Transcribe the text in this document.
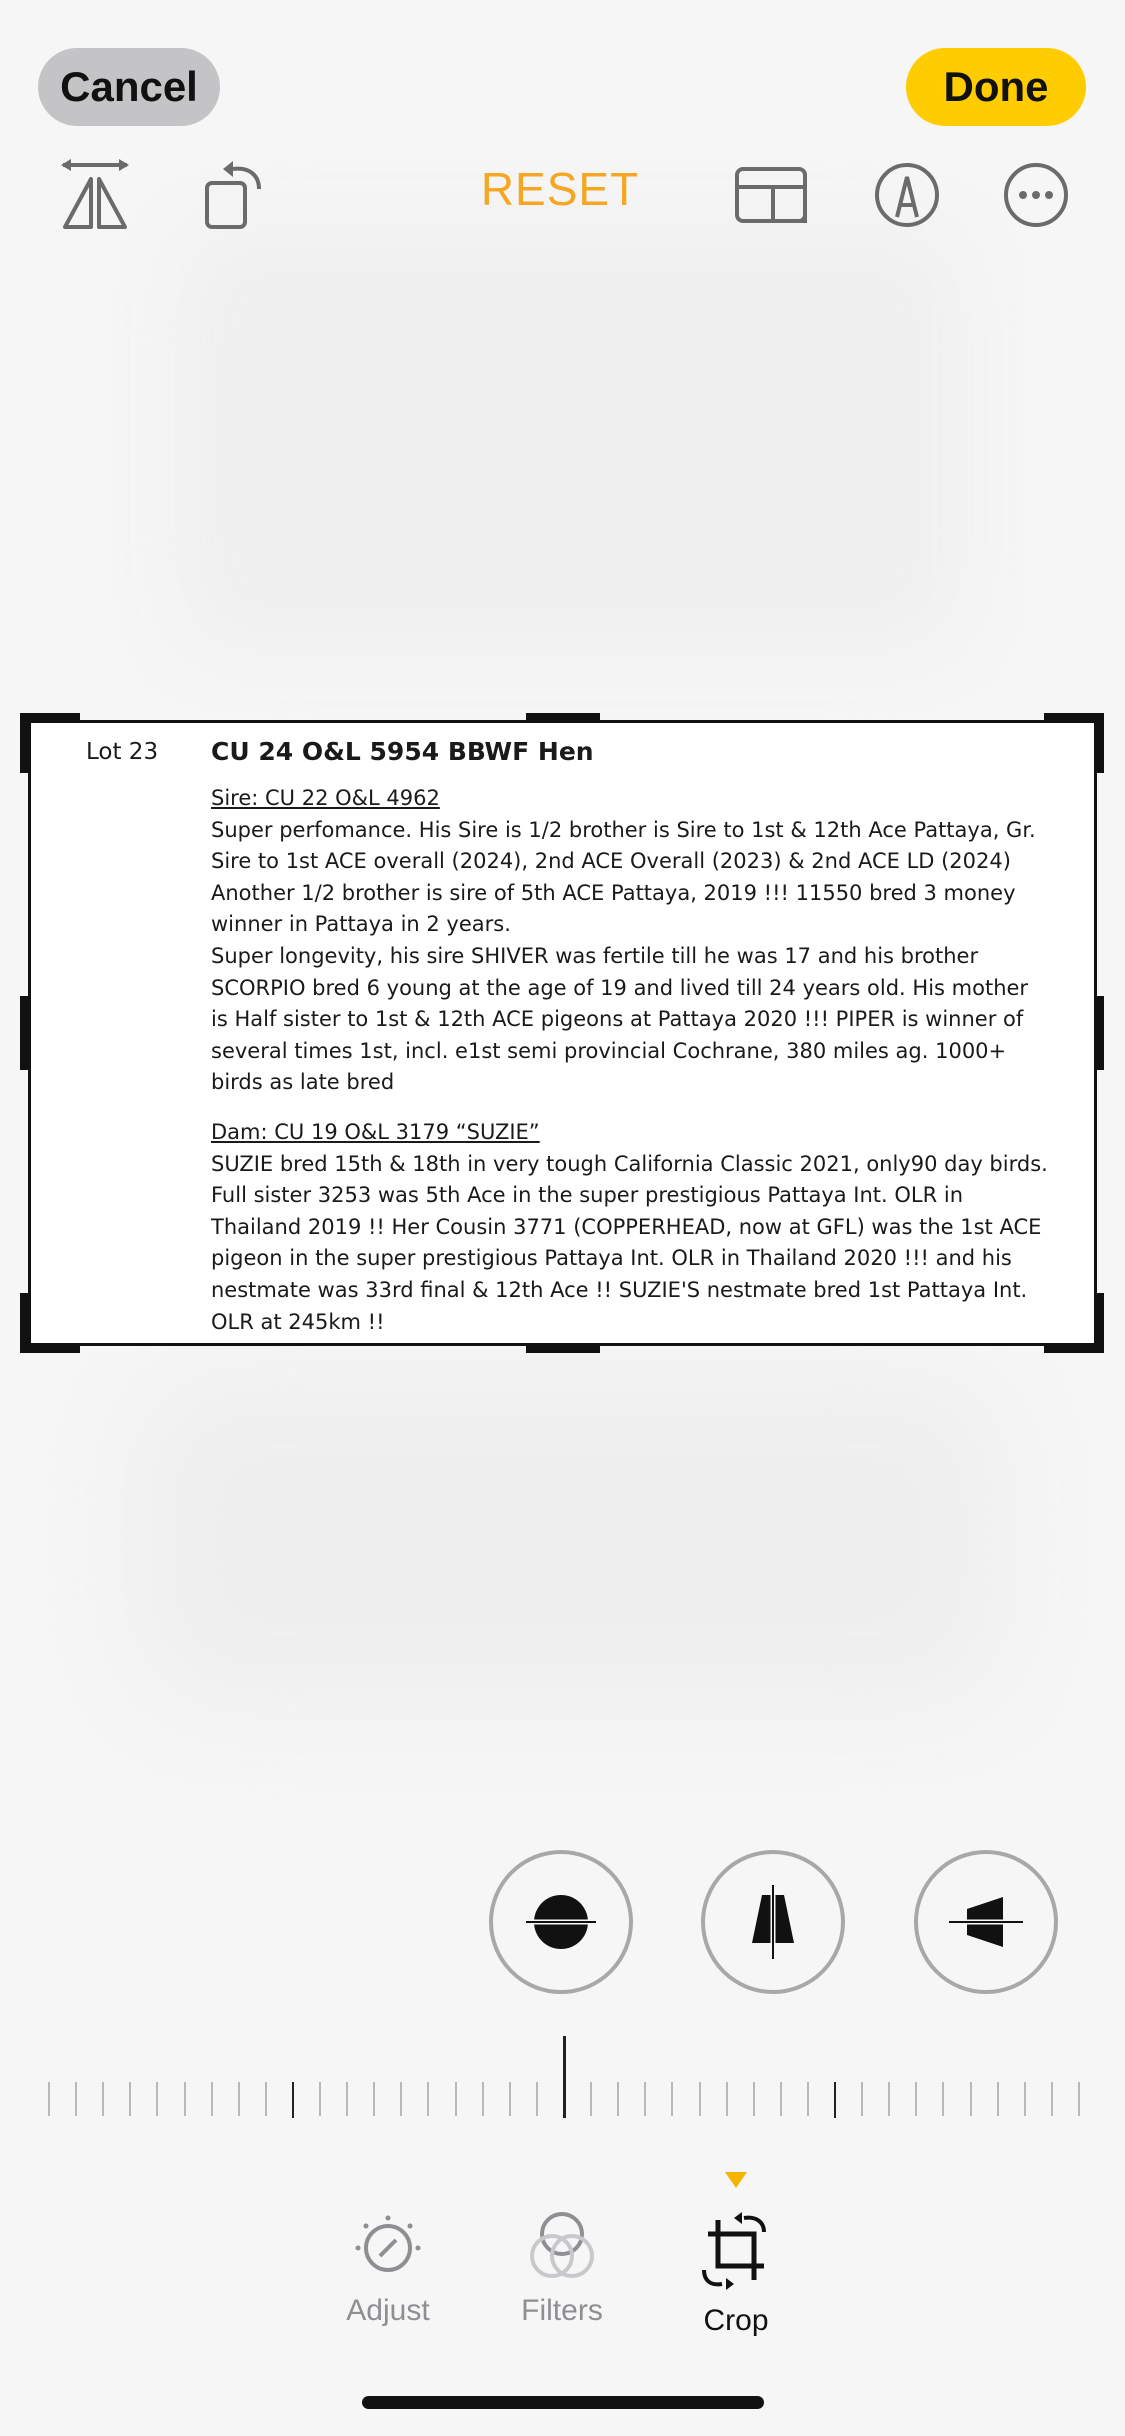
Cancel	Done
RESET
Lot 23 CU 24 O&L 5954 BBWF Hen
Sire: CU 22 O&L 4962

Super perfomance. His Sire is 1/2 brother is Sire to 1st & 12th Ace Pattaya, Gr. Sire to 1st ACE overall (2024), 2nd ACE Overall (2023) & 2nd ACE LD (2024) Another 1/2 brother is sire of 5th ACE Pattaya, 2019 !!! 11550 bred 3 money winner in Pattaya in 2 years.

Super longevity, his sire SHIVER was fertile till he was 17 and his brother SCORPIO bred 6 young at the age of 19 and lived till 24 years old. His mother is Half sister to 1st & 12th ACE pigeons at Pattaya 2020 !!! PIPER is winner of several times 1st, incl. e1st semi provincial Cochrane, 380 miles ag. 1000+ birds as late bred

Dam: CU 19 O&L 3179 “SUZIE”

SUZIE bred 15th & 18th in very tough California Classic 2021, only90 day birds. Full sister 3253 was 5th Ace in the super prestigious Pattaya Int. OLR in Thailand 2019 !! Her Cousin 3771 (COPPERHEAD, now at GFL) was the 1st ACE pigeon in the super prestigious Pattaya Int. OLR in Thailand 2020 !!! and his nestmate was 33rd final & 12th Ace !! SUZIE'S nestmate bred 1st Pattaya Int. OLR at 245km !!

Adjust	Filters	Crop
